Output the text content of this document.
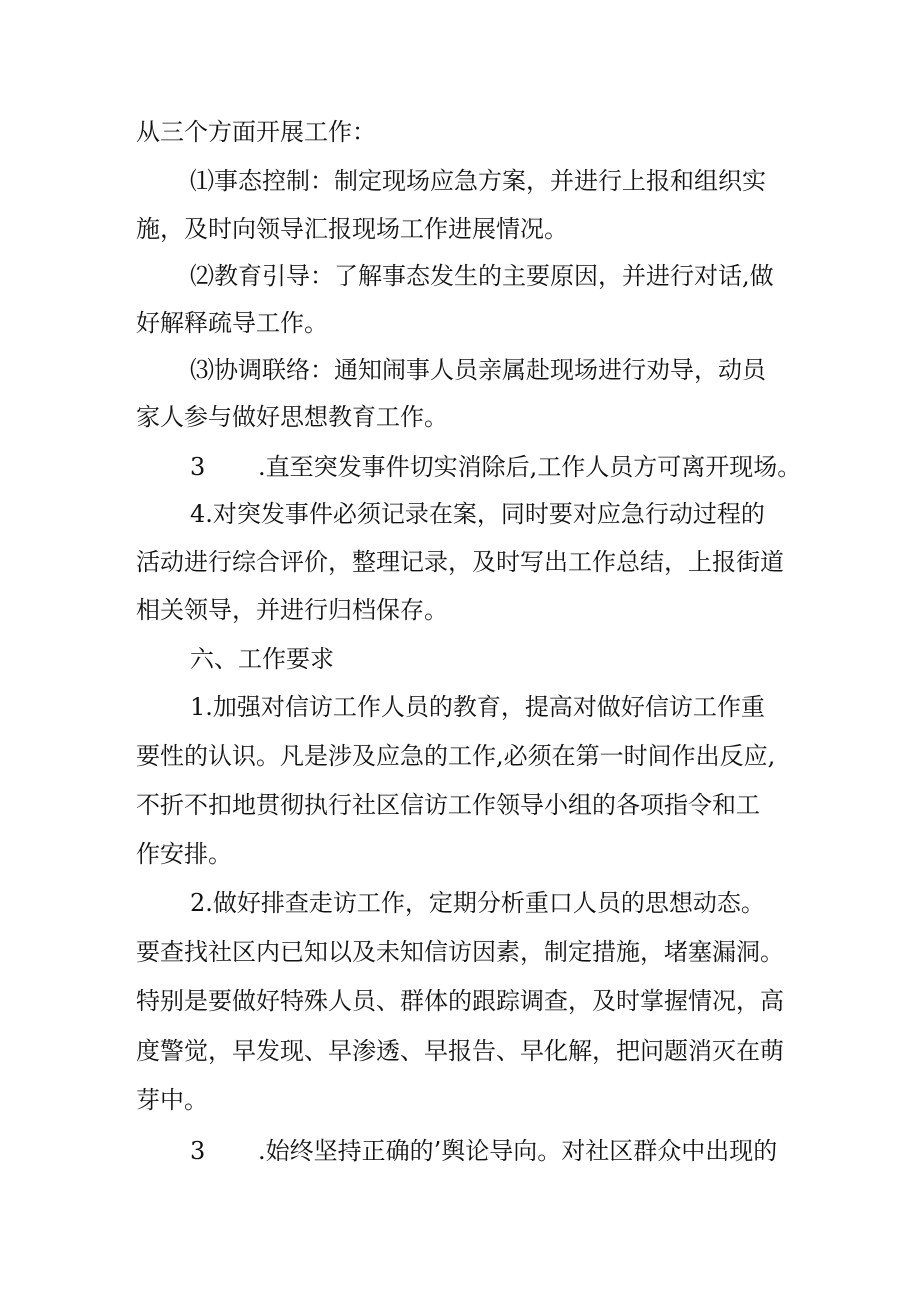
从三个方面开展工作：
⑴事态控制：制定现场应急方案，并进行上报和组织实
施，及时向领导汇报现场工作进展情况。
⑵教育引导：了解事态发生的主要原因，并进行对话,做
好解释疏导工作。
⑶协调联络：通知闹事人员亲属赴现场进行劝导，动员
家人参与做好思想教育工作。
3 .直至突发事件切实消除后,工作人员方可离开现场。
4.对突发事件必须记录在案，同时要对应急行动过程的
活动进行综合评价，整理记录，及时写出工作总结，上报街道
相关领导，并进行归档保存。
六、工作要求
1.加强对信访工作人员的教育，提高对做好信访工作重
要性的认识。凡是涉及应急的工作,必须在第一时间作出反应,
不折不扣地贯彻执行社区信访工作领导小组的各项指令和工
作安排。
2.做好排查走访工作，定期分析重口人员的思想动态。
要查找社区内已知以及未知信访因素，制定措施，堵塞漏洞。
特别是要做好特殊人员、群体的跟踪调查，及时掌握情况，高
度警觉，早发现、早渗透、早报告、早化解，把问题消灭在萌
芽中。
3 .始终坚持正确的’舆论导向。对社区群众中出现的
